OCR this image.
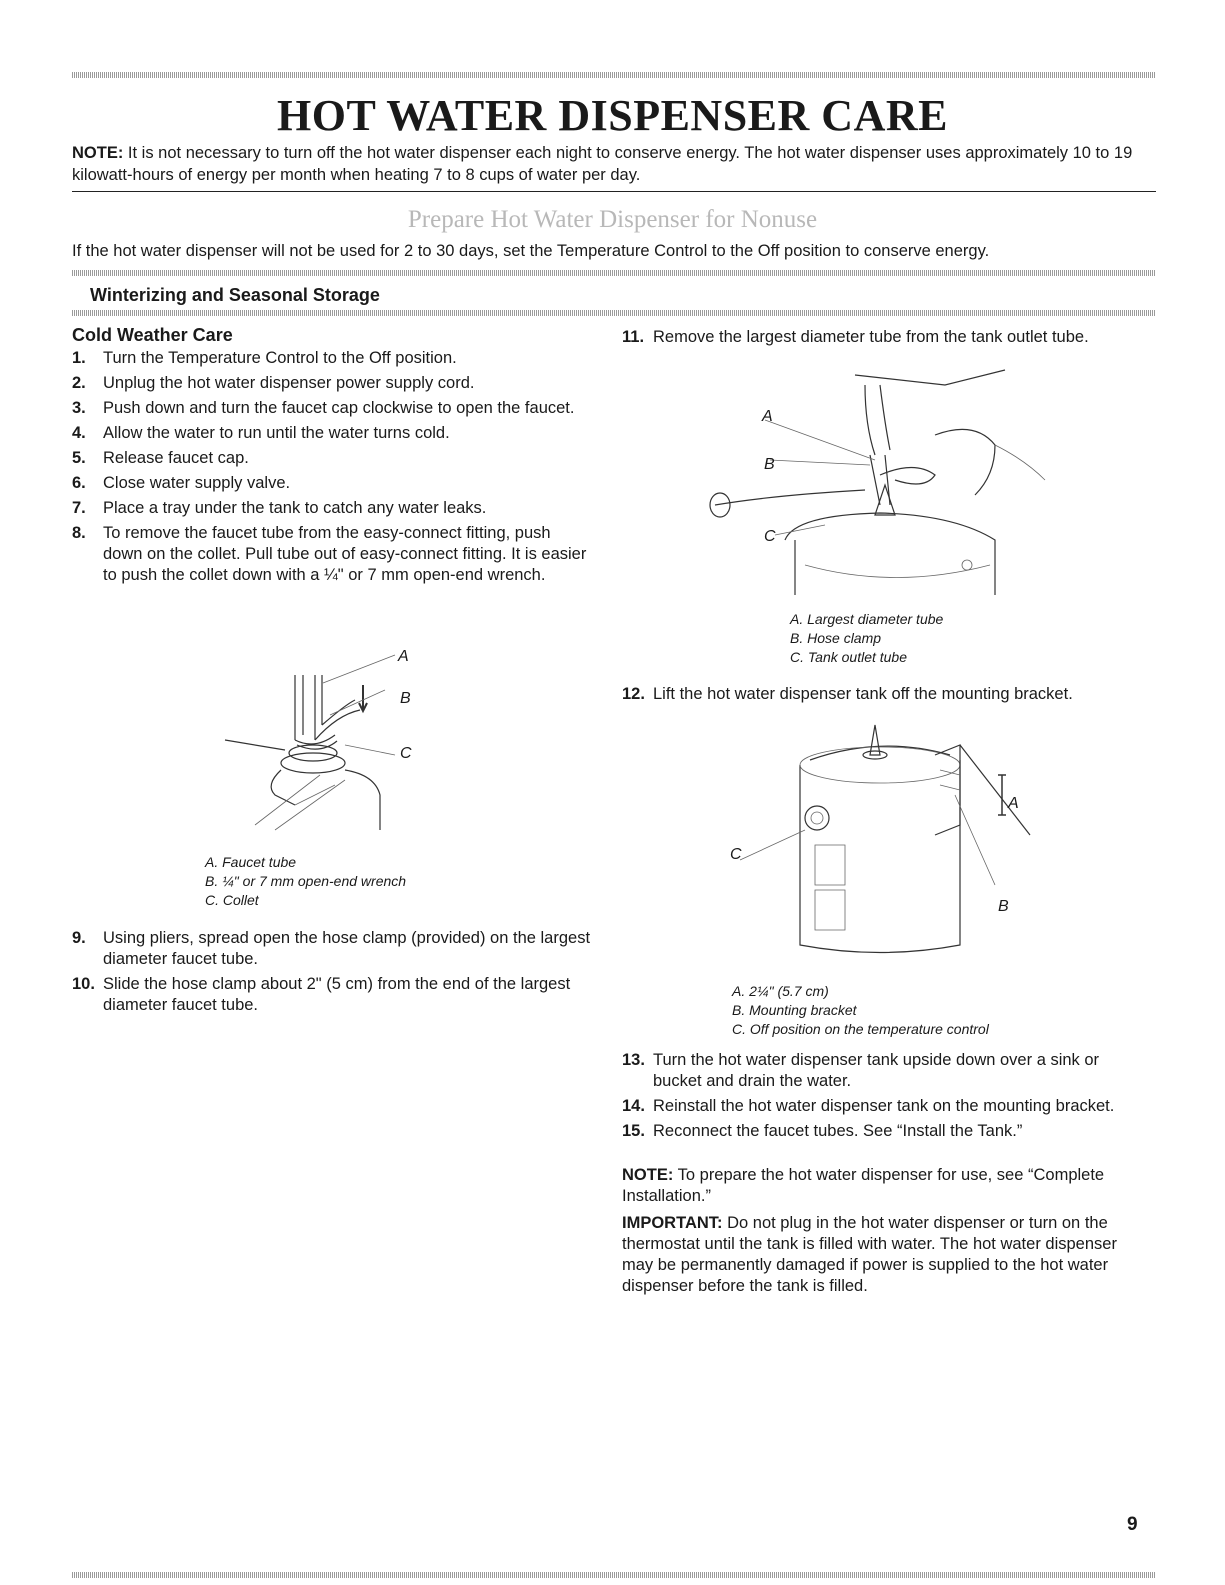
HOT WATER DISPENSER CARE
NOTE: It is not necessary to turn off the hot water dispenser each night to conserve energy. The hot water dispenser uses approximately 10 to 19 kilowatt-hours of energy per month when heating 7 to 8 cups of water per day.
Prepare Hot Water Dispenser for Nonuse
If the hot water dispenser will not be used for 2 to 30 days, set the Temperature Control to the Off position to conserve energy.
Winterizing and Seasonal Storage
Cold Weather Care
1. Turn the Temperature Control to the Off position.
2. Unplug the hot water dispenser power supply cord.
3. Push down and turn the faucet cap clockwise to open the faucet.
4. Allow the water to run until the water turns cold.
5. Release faucet cap.
6. Close water supply valve.
7. Place a tray under the tank to catch any water leaks.
8. To remove the faucet tube from the easy-connect fitting, push down on the collet. Pull tube out of easy-connect fitting. It is easier to push the collet down with a ¼" or 7 mm open-end wrench.
A
B
C
A. Faucet tube
B. ¼" or 7 mm open-end wrench
C. Collet
9. Using pliers, spread open the hose clamp (provided) on the largest diameter faucet tube.
10. Slide the hose clamp about 2" (5 cm) from the end of the largest diameter faucet tube.
11. Remove the largest diameter tube from the tank outlet tube.
A
B
C
A. Largest diameter tube
B. Hose clamp
C. Tank outlet tube
12. Lift the hot water dispenser tank off the mounting bracket.
A
B
C
A. 2¼" (5.7 cm)
B. Mounting bracket
C. Off position on the temperature control
13. Turn the hot water dispenser tank upside down over a sink or bucket and drain the water.
14. Reinstall the hot water dispenser tank on the mounting bracket.
15. Reconnect the faucet tubes. See “Install the Tank.”
NOTE: To prepare the hot water dispenser for use, see “Complete Installation.”
IMPORTANT: Do not plug in the hot water dispenser or turn on the thermostat until the tank is filled with water. The hot water dispenser may be permanently damaged if power is supplied to the hot water dispenser before the tank is filled.
9
